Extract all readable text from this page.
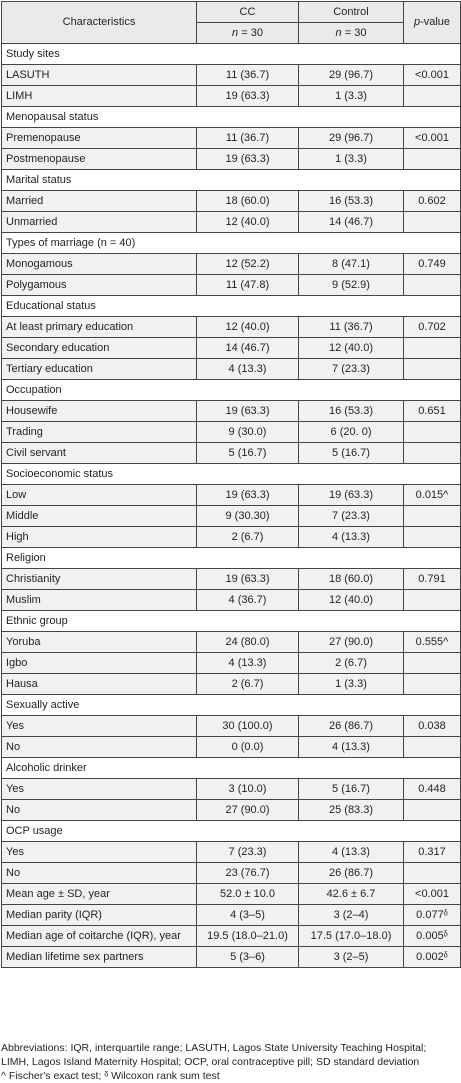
Characteristics	CC	Control	p-value
	n = 30	n = 30	
Study sites			
LASUTH	11 (36.7)	29 (96.7)	<0.001
LIMH	19 (63.3)	1 (3.3)	
Menopausal status			
Premenopause	11 (36.7)	29 (96.7)	<0.001
Postmenopause	19 (63.3)	1 (3.3)	
Marital status			
Married	18 (60.0)	16 (53.3)	0.602
Unmarried	12 (40.0)	14 (46.7)	
Types of marriage (n = 40)			
Monogamous	12 (52.2)	8 (47.1)	0.749
Polygamous	11 (47.8)	9 (52.9)	
Educational status			
At least primary education	12 (40.0)	11 (36.7)	0.702
Secondary education	14 (46.7)	12 (40.0)	
Tertiary education	4 (13.3)	7 (23.3)	
Occupation			
Housewife	19 (63.3)	16 (53.3)	0.651
Trading	9 (30.0)	6 (20. 0)	
Civil servant	5 (16.7)	5 (16.7)	
Socioeconomic status			
Low	19 (63.3)	19 (63.3)	0.015^
Middle	9 (30.30)	7 (23.3)	
High	2 (6.7)	4 (13.3)	
Religion			
Christianity	19 (63.3)	18 (60.0)	0.791
Muslim	4 (36.7)	12 (40.0)	
Ethnic group			
Yoruba	24 (80.0)	27 (90.0)	0.555^
Igbo	4 (13.3)	2 (6.7)	
Hausa	2 (6.7)	1 (3.3)	
Sexually active			
Yes	30 (100.0)	26 (86.7)	0.038
No	0 (0.0)	4 (13.3)	
Alcoholic drinker			
Yes	3 (10.0)	5 (16.7)	0.448
No	27 (90.0)	25 (83.3)	
OCP usage			
Yes	7 (23.3)	4 (13.3)	0.317
No	23 (76.7)	26 (86.7)	
Mean age ± SD, year	52.0 ± 10.0	42.6 ± 6.7	<0.001
Median parity (IQR)	4 (3–5)	3 (2–4)	0.077ᵟ
Median age of coitarche (IQR), year	19.5 (18.0–21.0)	17.5 (17.0–18.0)	0.005ᵟ
Median lifetime sex partners	5 (3–6)	3 (2–5)	0.002ᵟ

Abbreviations: IQR, interquartile range; LASUTH, Lagos State University Teaching Hospital; LIMH, Lagos Island Maternity Hospital; OCP, oral contraceptive pill; SD standard deviation

^ Fischer's exact test; ᵟ Wilcoxon rank sum test
